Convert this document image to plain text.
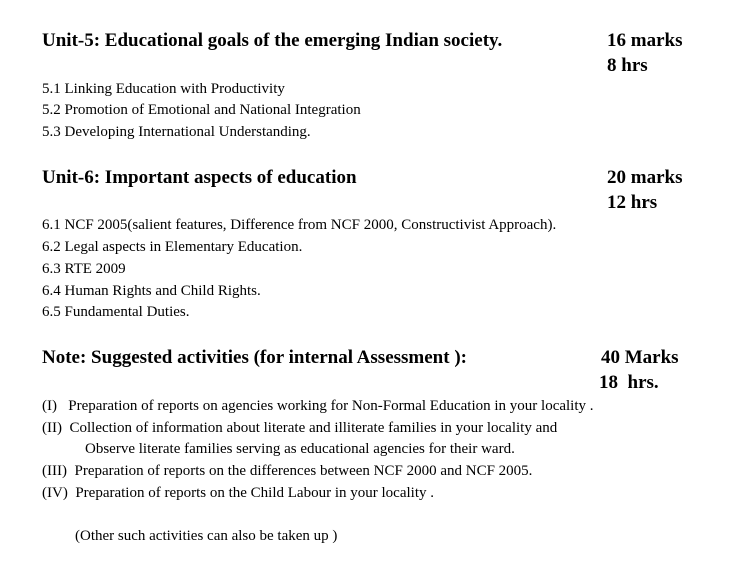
Unit-5: Educational goals of the emerging Indian society.	16 marks
8 hrs
5.1 Linking Education with Productivity
5.2 Promotion of Emotional and National Integration
5.3 Developing International Understanding.
Unit-6: Important aspects of education	20 marks
12 hrs
6.1 NCF 2005(salient features, Difference from NCF 2000, Constructivist Approach).
6.2 Legal aspects in Elementary Education.
6.3 RTE 2009
6.4 Human Rights and Child Rights.
6.5 Fundamental Duties.
Note: Suggested activities (for internal Assessment ):	40 Marks
18  hrs.
(I)   Preparation of reports on agencies working for Non-Formal Education in your locality .
(II)  Collection of information about literate and illiterate families in your locality and
Observe literate families serving as educational agencies for their ward.
(III)  Preparation of reports on the differences between NCF 2000 and NCF 2005.
(IV)  Preparation of reports on the Child Labour in your locality .
(Other such activities can also be taken up )
